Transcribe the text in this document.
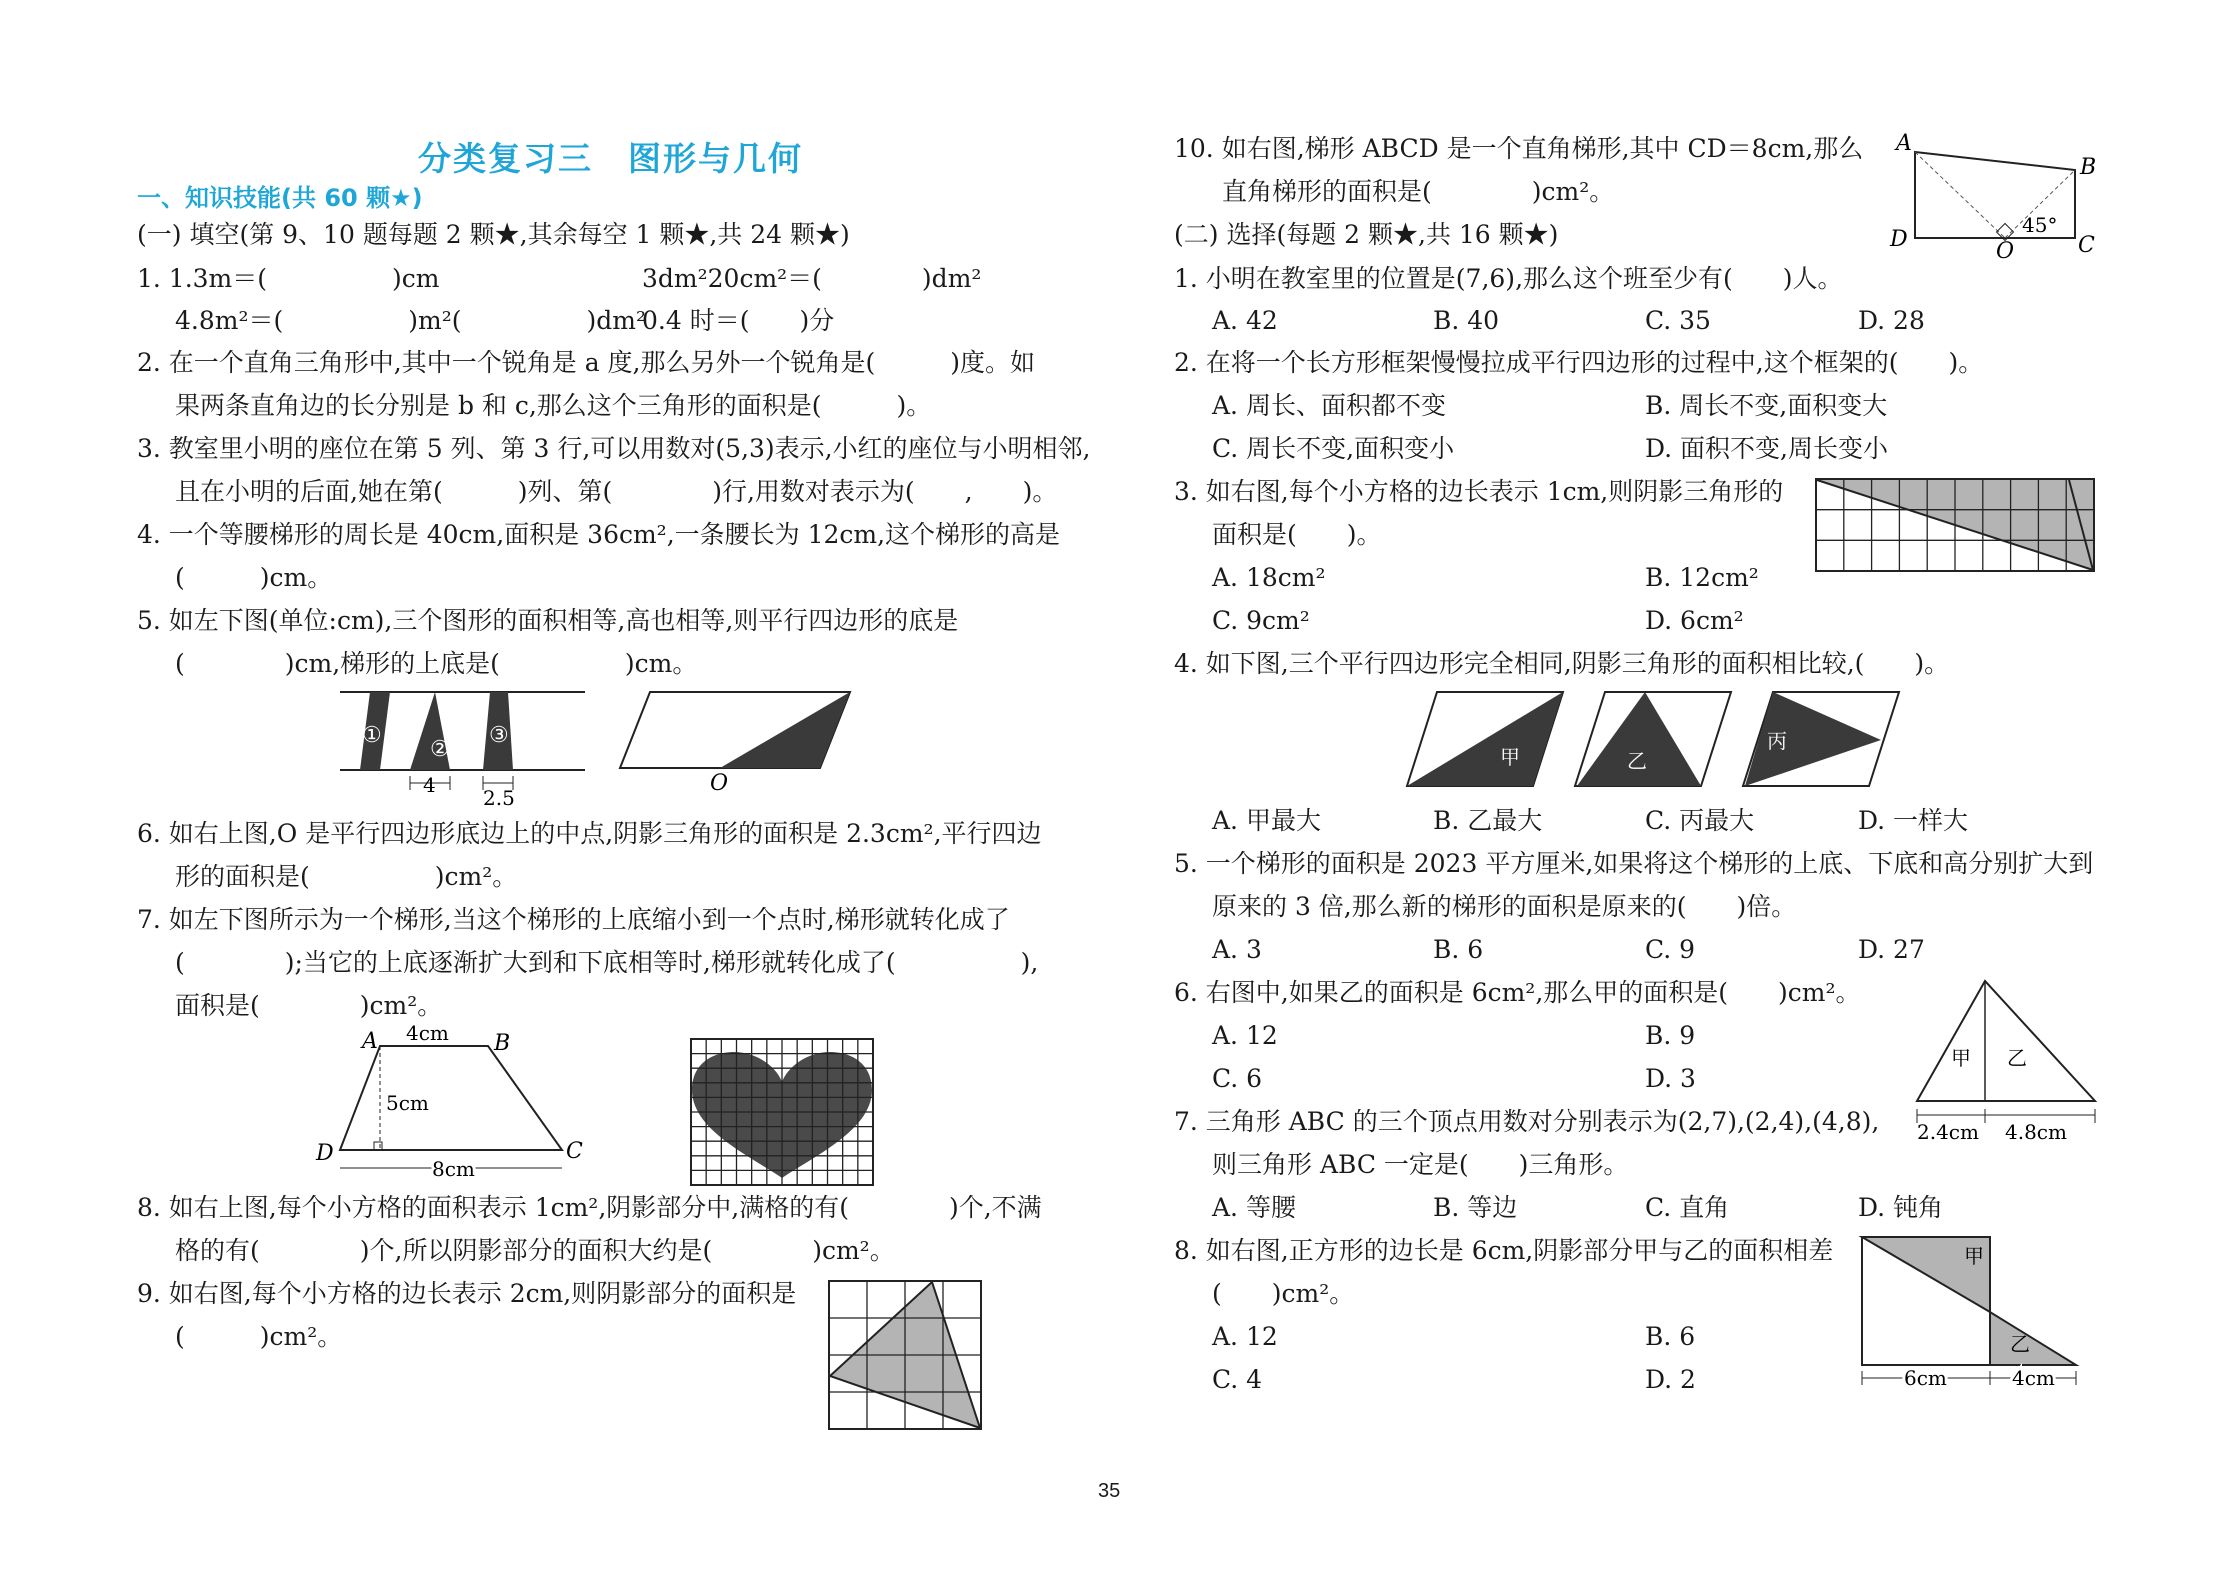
分类复习三　图形与几何
一、知识技能(共 60 颗★)
(一) 填空(第 9、10 题每题 2 颗★,其余每空 1 颗★,共 24 颗★)
1. 1.3m＝(　　　　　)cm	3dm²20cm²＝(　　　　)dm²
4.8m²＝(　　　　　)m²(　　　　　)dm²
0.4 时＝(　　)分
2. 在一个直角三角形中,其中一个锐角是 a 度,那么另外一个锐角是(　　　)度。如
果两条直角边的长分别是 b 和 c,那么这个三角形的面积是(　　　)。
3. 教室里小明的座位在第 5 列、第 3 行,可以用数对(5,3)表示,小红的座位与小明相邻,
且在小明的后面,她在第(　　　)列、第(　　　　)行,用数对表示为(　　,　　)。
4. 一个等腰梯形的周长是 40cm,面积是 36cm²,一条腰长为 12cm,这个梯形的高是
(　　　)cm。
5. 如左下图(单位:cm),三个图形的面积相等,高也相等,则平行四边形的底是
(　　　　)cm,梯形的上底是(　　　　　)cm。
①
②
③
4
2.5
O
6. 如右上图,O 是平行四边形底边上的中点,阴影三角形的面积是 2.3cm²,平行四边
形的面积是(　　　　　)cm²。
7. 如左下图所示为一个梯形,当这个梯形的上底缩小到一个点时,梯形就转化成了
(　　　　);当它的上底逐渐扩大到和下底相等时,梯形就转化成了(　　　　　),
面积是(　　　　)cm²。
A	B
C
D
4cm
5cm
8cm
8. 如右上图,每个小方格的面积表示 1cm²,阴影部分中,满格的有(　　　　)个,不满
格的有(　　　　)个,所以阴影部分的面积大约是(　　　　)cm²。
9. 如右图,每个小方格的边长表示 2cm,则阴影部分的面积是
(　　　)cm²。
10. 如右图,梯形 ABCD 是一个直角梯形,其中 CD＝8cm,那么
直角梯形的面积是(　　　　)cm²。
A
B
C
D	O
45°
(二) 选择(每题 2 颗★,共 16 颗★)
1. 小明在教室里的位置是(7,6),那么这个班至少有(　　)人。
A. 42	B. 40	C. 35	D. 28
2. 在将一个长方形框架慢慢拉成平行四边形的过程中,这个框架的(　　)。
A. 周长、面积都不变	B. 周长不变,面积变大
C. 周长不变,面积变小	D. 面积不变,周长变小
3. 如右图,每个小方格的边长表示 1cm,则阴影三角形的
面积是(　　)。
A. 18cm²	B. 12cm²
C. 9cm²	D. 6cm²
4. 如下图,三个平行四边形完全相同,阴影三角形的面积相比较,(　　)。
甲	乙
丙
A. 甲最大	B. 乙最大	C. 丙最大	D. 一样大
5. 一个梯形的面积是 2023 平方厘米,如果将这个梯形的上底、下底和高分别扩大到
原来的 3 倍,那么新的梯形的面积是原来的(　　)倍。
A. 3	B. 6	C. 9	D. 27
6. 右图中,如果乙的面积是 6cm²,那么甲的面积是(　　)cm²。
A. 12	B. 9
C. 6	D. 3
甲 乙
2.4cm 4.8cm
7. 三角形 ABC 的三个顶点用数对分别表示为(2,7),(2,4),(4,8),
则三角形 ABC 一定是(　　)三角形。
A. 等腰	B. 等边	C. 直角	D. 钝角
8. 如右图,正方形的边长是 6cm,阴影部分甲与乙的面积相差
(　　)cm²。
A. 12	B. 6
C. 4	D. 2
甲
乙
6cm	4cm
35
